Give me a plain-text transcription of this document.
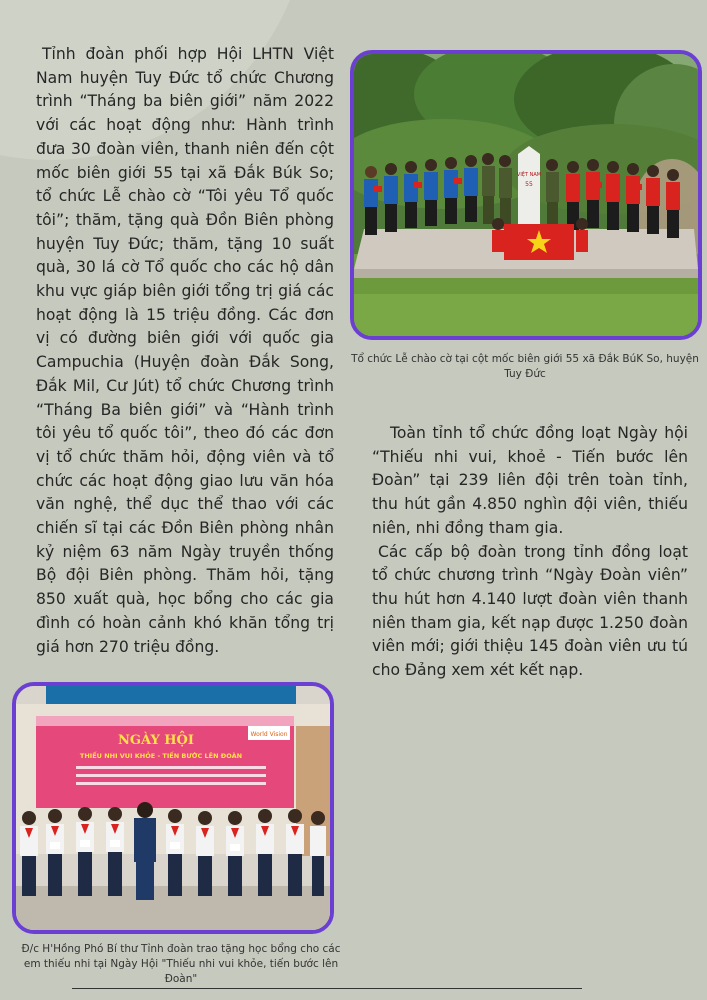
Tỉnh đoàn phối hợp Hội LHTN Việt Nam huyện Tuy Đức tổ chức Chương trình “Tháng ba biên giới” năm 2022 với các hoạt động như: Hành trình đưa 30 đoàn viên, thanh niên đến cột mốc biên giới 55 tại xã Đắk Búk So; tổ chức Lễ chào cờ “Tôi yêu Tổ quốc tôi”; thăm, tặng quà Đồn Biên phòng huyện Tuy Đức; thăm, tặng 10 suất quà, 30 lá cờ Tổ quốc cho các hộ dân khu vực giáp biên giới tổng trị giá các hoạt động là 15 triệu đồng. Các đơn vị có đường biên giới với quốc gia Campuchia (Huyện đoàn Đắk Song, Đắk Mil, Cư Jút) tổ chức Chương trình “Tháng Ba biên giới” và “Hành trình tôi yêu tổ quốc tôi”, theo đó các đơn vị tổ chức thăm hỏi, động viên và tổ chức các hoạt động giao lưu văn hóa văn nghệ, thể dục thể thao với các chiến sĩ tại các Đồn Biên phòng nhân kỷ niệm 63 năm Ngày truyền thống Bộ đội Biên phòng. Thăm hỏi, tặng 850 xuất quà, học bổng cho các gia đình có hoàn cảnh khó khăn tổng trị giá hơn 270 triệu đồng.

VIỆT NAM
55
Tổ chức Lễ chào cờ tại cột mốc biên giới 55 xã Đắk BúK So, huyện Tuy Đức

Toàn tỉnh tổ chức đồng loạt Ngày hội “Thiếu nhi vui, khoẻ - Tiến bước lên Đoàn” tại 239 liên đội trên toàn tỉnh, thu hút gần 4.850 nghìn đội viên, thiếu niên, nhi đồng tham gia.

Các cấp bộ đoàn trong tỉnh đồng loạt tổ chức chương trình “Ngày Đoàn viên” thu hút hơn 4.140 lượt đoàn viên thanh niên tham gia, kết nạp được 1.250 đoàn viên mới; giới thiệu 145 đoàn viên ưu tú cho Đảng xem xét kết nạp.

NGÀY HỘI
THIẾU NHI VUI KHỎE - TIẾN BƯỚC LÊN ĐOÀN
World Vision
Đ/c H'Hồng Phó Bí thư Tỉnh đoàn trao tặng học bổng cho các em thiếu nhi tại Ngày Hội "Thiếu nhi vui khỏe, tiến bước lên Đoàn"
